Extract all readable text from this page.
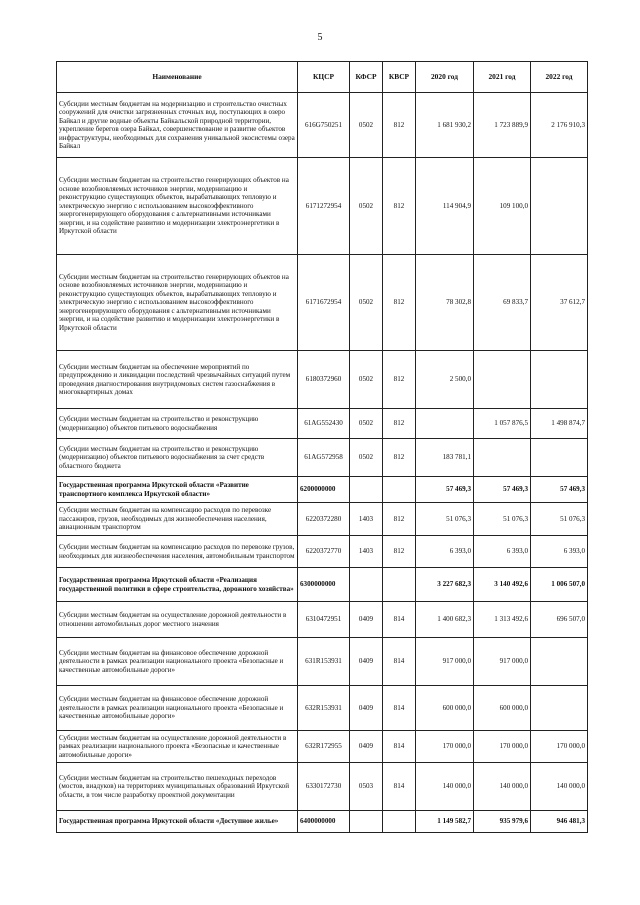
5
Наименование	КЦСР	КФСР	КВСР	2020 год	2021 год	2022 год
Субсидии местным бюджетам на модернизацию и строительство очистных сооружений для очистки загрязненных сточных вод, поступающих в озеро Байкал и другие водные объекты Байкальской природной территории, укрепление берегов озера Байкал, совершенствование и развитие объектов инфраструктуры, необходимых для сохранения уникальной экосистемы озера Байкал	616G750251	0502	812	1 681 930,2	1 723 889,9	2 176 910,3
Субсидии местным бюджетам на строительство генерирующих объектов на основе возобновляемых источников энергии, модернизацию и реконструкцию существующих объектов, вырабатывающих тепловую и электрическую энергию с использованием высокоэффективного энергогенерирующего оборудования с альтернативными источниками энергии, и на содействие развитию и модернизации электроэнергетики в Иркутской области	6171272954	0502	812	114 904,9	109 100,0	
Субсидии местным бюджетам на строительство генерирующих объектов на основе возобновляемых источников энергии, модернизацию и реконструкцию существующих объектов, вырабатывающих тепловую и электрическую энергию с использованием высокоэффективного энергогенерирующего оборудования с альтернативными источниками энергии, и на содействие развитию и модернизации электроэнергетики в Иркутской области	6171672954	0502	812	78 302,8	69 833,7	37 612,7
Субсидии местным бюджетам на обеспечение мероприятий по предупреждению и ликвидации последствий чрезвычайных ситуаций путем проведения диагностирования внутридомовых систем газоснабжения в многоквартирных домах	6180372960	0502	812	2 500,0		
Субсидии местным бюджетам на строительство и реконструкцию (модернизацию) объектов питьевого водоснабжения	61AG552430	0502	812		1 057 876,5	1 498 874,7
Субсидии местным бюджетам на строительство и реконструкцию (модернизацию) объектов питьевого водоснабжения за счет средств областного бюджета	61AG572958	0502	812	183 781,1		
Государственная программа Иркутской области «Развитие транспортного комплекса Иркутской области»	6200000000			57 469,3	57 469,3	57 469,3
Субсидии местным бюджетам на компенсацию расходов по перевозке пассажиров, грузов, необходимых для жизнеобеспечения населения, авиационным транспортом	6220372280	1403	812	51 076,3	51 076,3	51 076,3
Субсидии местным бюджетам на компенсацию расходов по перевозке грузов, необходимых для жизнеобеспечения населения, автомобильным транспортом	6220372770	1403	812	6 393,0	6 393,0	6 393,0
Государственная программа Иркутской области «Реализация государственной политики в сфере строительства, дорожного хозяйства»	6300000000			3 227 682,3	3 140 492,6	1 006 507,0
Субсидии местным бюджетам на осуществление дорожной деятельности в отношении автомобильных дорог местного значения	6310472951	0409	814	1 400 682,3	1 313 492,6	696 507,0
Субсидии местным бюджетам на финансовое обеспечение дорожной деятельности в рамках реализации национального проекта «Безопасные и качественные автомобильные дороги»	631R153931	0409	814	917 000,0	917 000,0	
Субсидии местным бюджетам на финансовое обеспечение дорожной деятельности в рамках реализации национального проекта «Безопасные и качественные автомобильные дороги»	632R153931	0409	814	600 000,0	600 000,0	
Субсидии местным бюджетам на осуществление дорожной деятельности в рамках реализации национального проекта «Безопасные и качественные автомобильные дороги»	632R172955	0409	814	170 000,0	170 000,0	170 000,0
Субсидии местным бюджетам на строительство пешеходных переходов (мостов, виадуков) на территориях муниципальных образований Иркутской области, в том числе разработку проектной документации	6330172730	0503	814	140 000,0	140 000,0	140 000,0
Государственная программа Иркутской области «Доступное жилье»	6400000000			1 149 582,7	935 979,6	946 481,3
